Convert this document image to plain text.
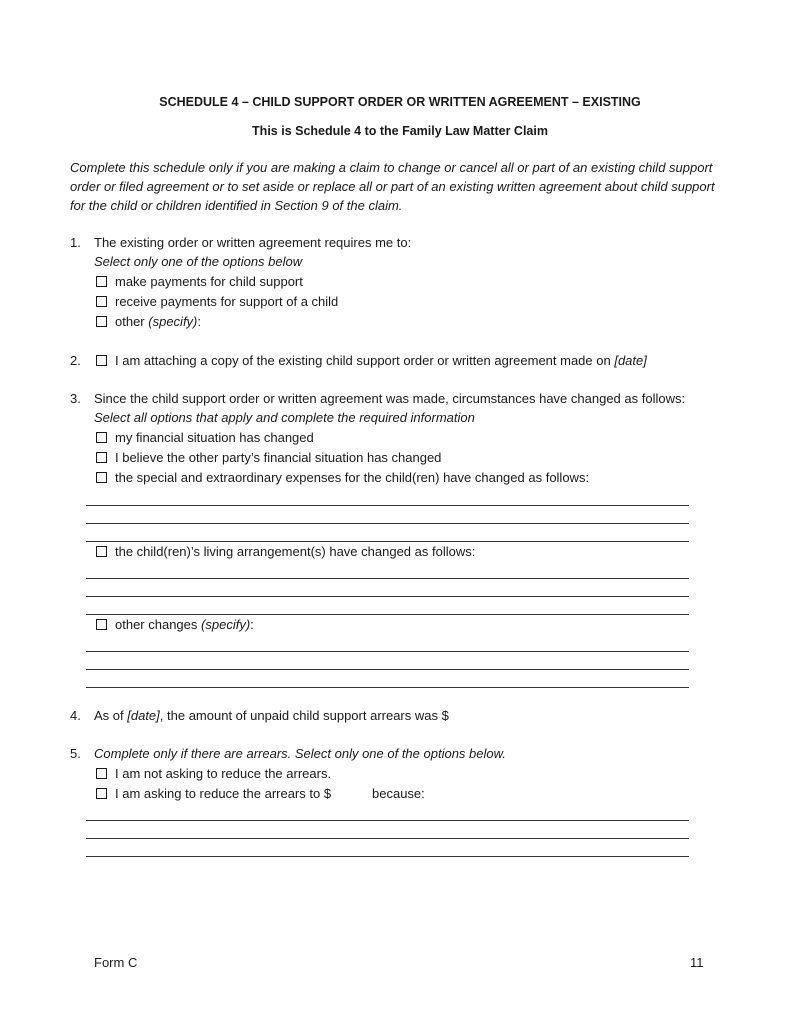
SCHEDULE 4 – CHILD SUPPORT ORDER OR WRITTEN AGREEMENT – EXISTING
This is Schedule 4 to the Family Law Matter Claim
Complete this schedule only if you are making a claim to change or cancel all or part of an existing child support order or filed agreement or to set aside or replace all or part of an existing written agreement about child support for the child or children identified in Section 9 of the claim.
1.	The existing order or written agreement requires me to:
Select only one of the options below
make payments for child support
receive payments for support of a child
other (specify):
2.	I am attaching a copy of the existing child support order or written agreement made on [date]
3.	Since the child support order or written agreement was made, circumstances have changed as follows:
Select all options that apply and complete the required information
my financial situation has changed
I believe the other party’s financial situation has changed
the special and extraordinary expenses for the child(ren) have changed as follows:
the child(ren)’s living arrangement(s) have changed as follows:
other changes (specify):
4.	As of [date], the amount of unpaid child support arrears was $
5.	Complete only if there are arrears. Select only one of the options below.
I am not asking to reduce the arrears.
I am asking to reduce the arrears to $	because:
Form C	11
